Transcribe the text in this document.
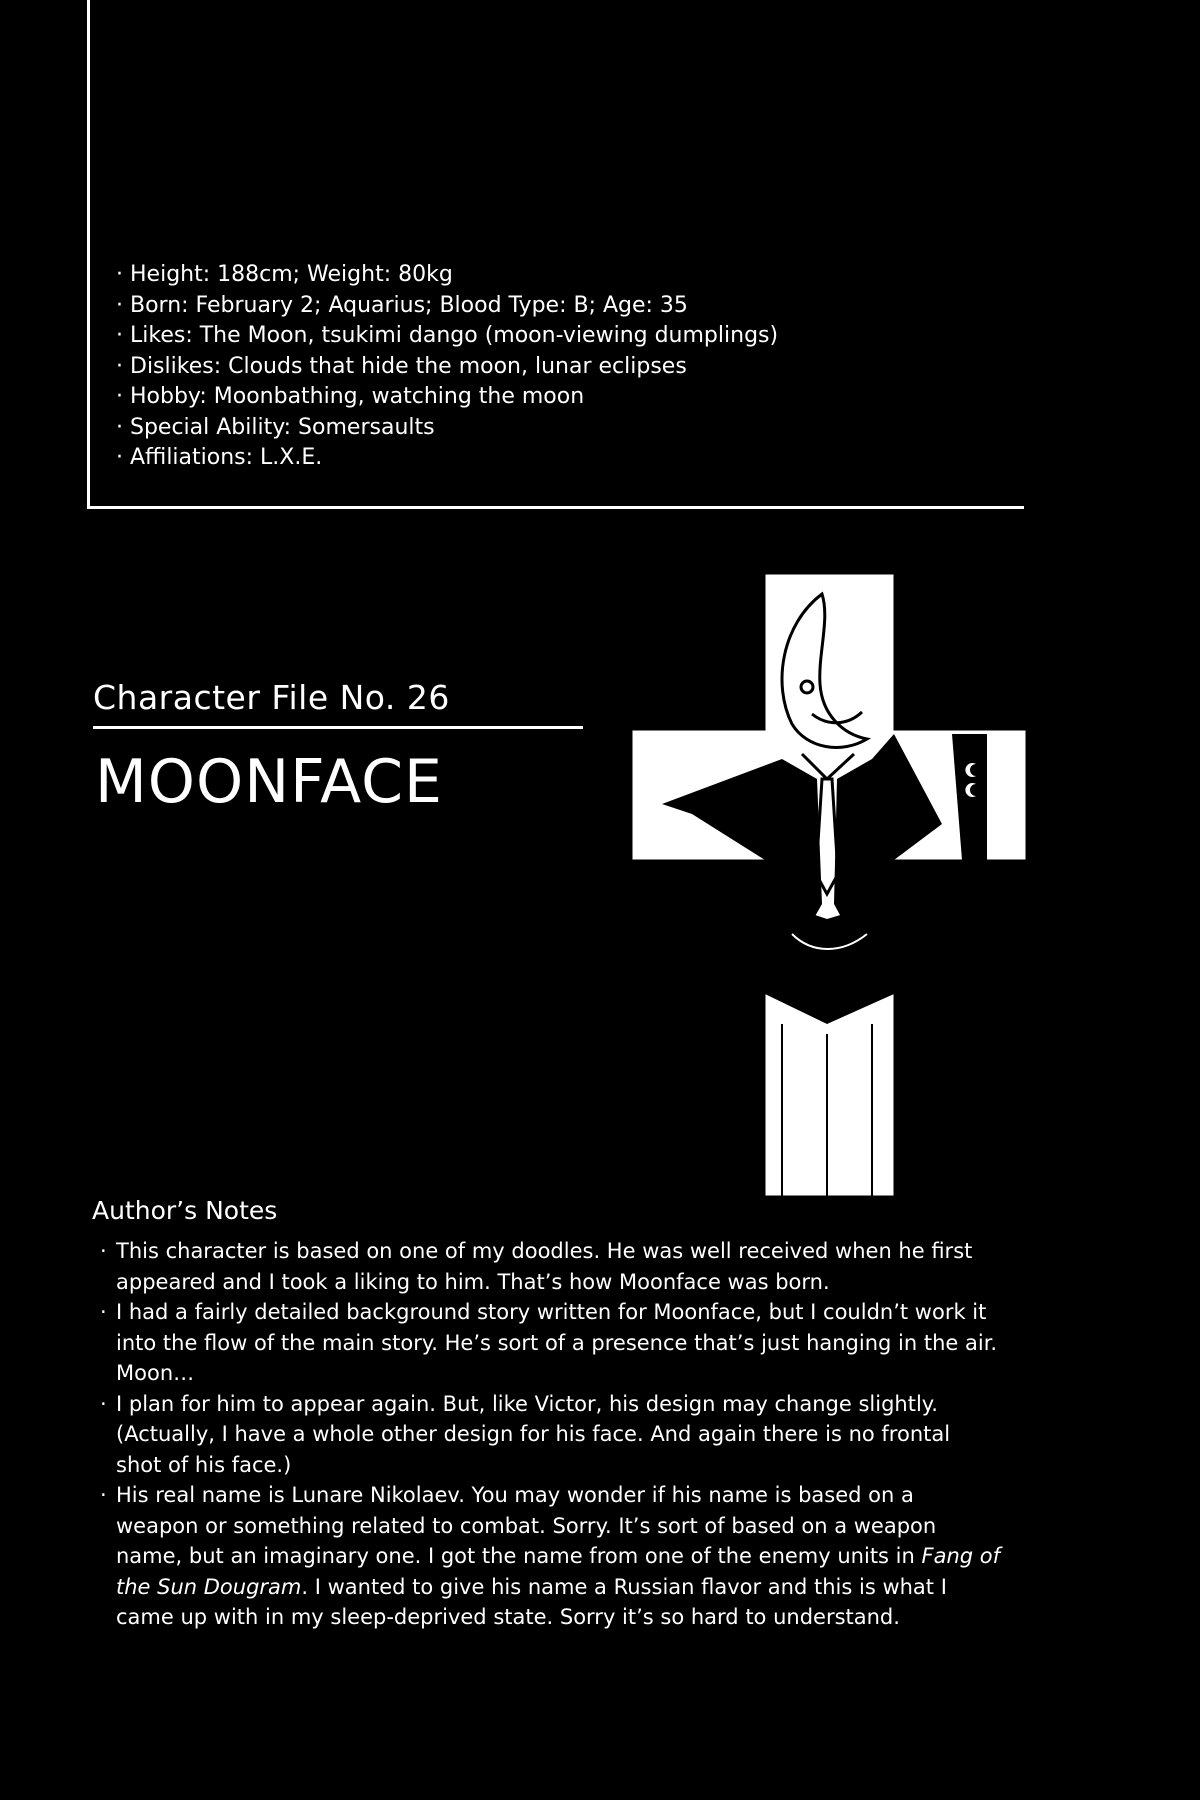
· Height: 188cm; Weight: 80kg
· Born: February 2; Aquarius; Blood Type: B; Age: 35
· Likes: The Moon, tsukimi dango (moon-viewing dumplings)
· Dislikes: Clouds that hide the moon, lunar eclipses
· Hobby: Moonbathing, watching the moon
· Special Ability: Somersaults
· Affiliations: L.X.E.
Character File No. 26
MOONFACE
Author’s Notes
· This character is based on one of my doodles. He was well received when he first appeared and I took a liking to him. That’s how Moonface was born.
· I had a fairly detailed background story written for Moonface, but I couldn’t work it into the flow of the main story. He’s sort of a presence that’s just hanging in the air. Moon…
· I plan for him to appear again. But, like Victor, his design may change slightly. (Actually, I have a whole other design for his face. And again there is no frontal shot of his face.)
· His real name is Lunare Nikolaev. You may wonder if his name is based on a weapon or something related to combat. Sorry. It’s sort of based on a weapon name, but an imaginary one. I got the name from one of the enemy units in Fang of the Sun Dougram. I wanted to give his name a Russian flavor and this is what I came up with in my sleep-deprived state. Sorry it’s so hard to understand.
